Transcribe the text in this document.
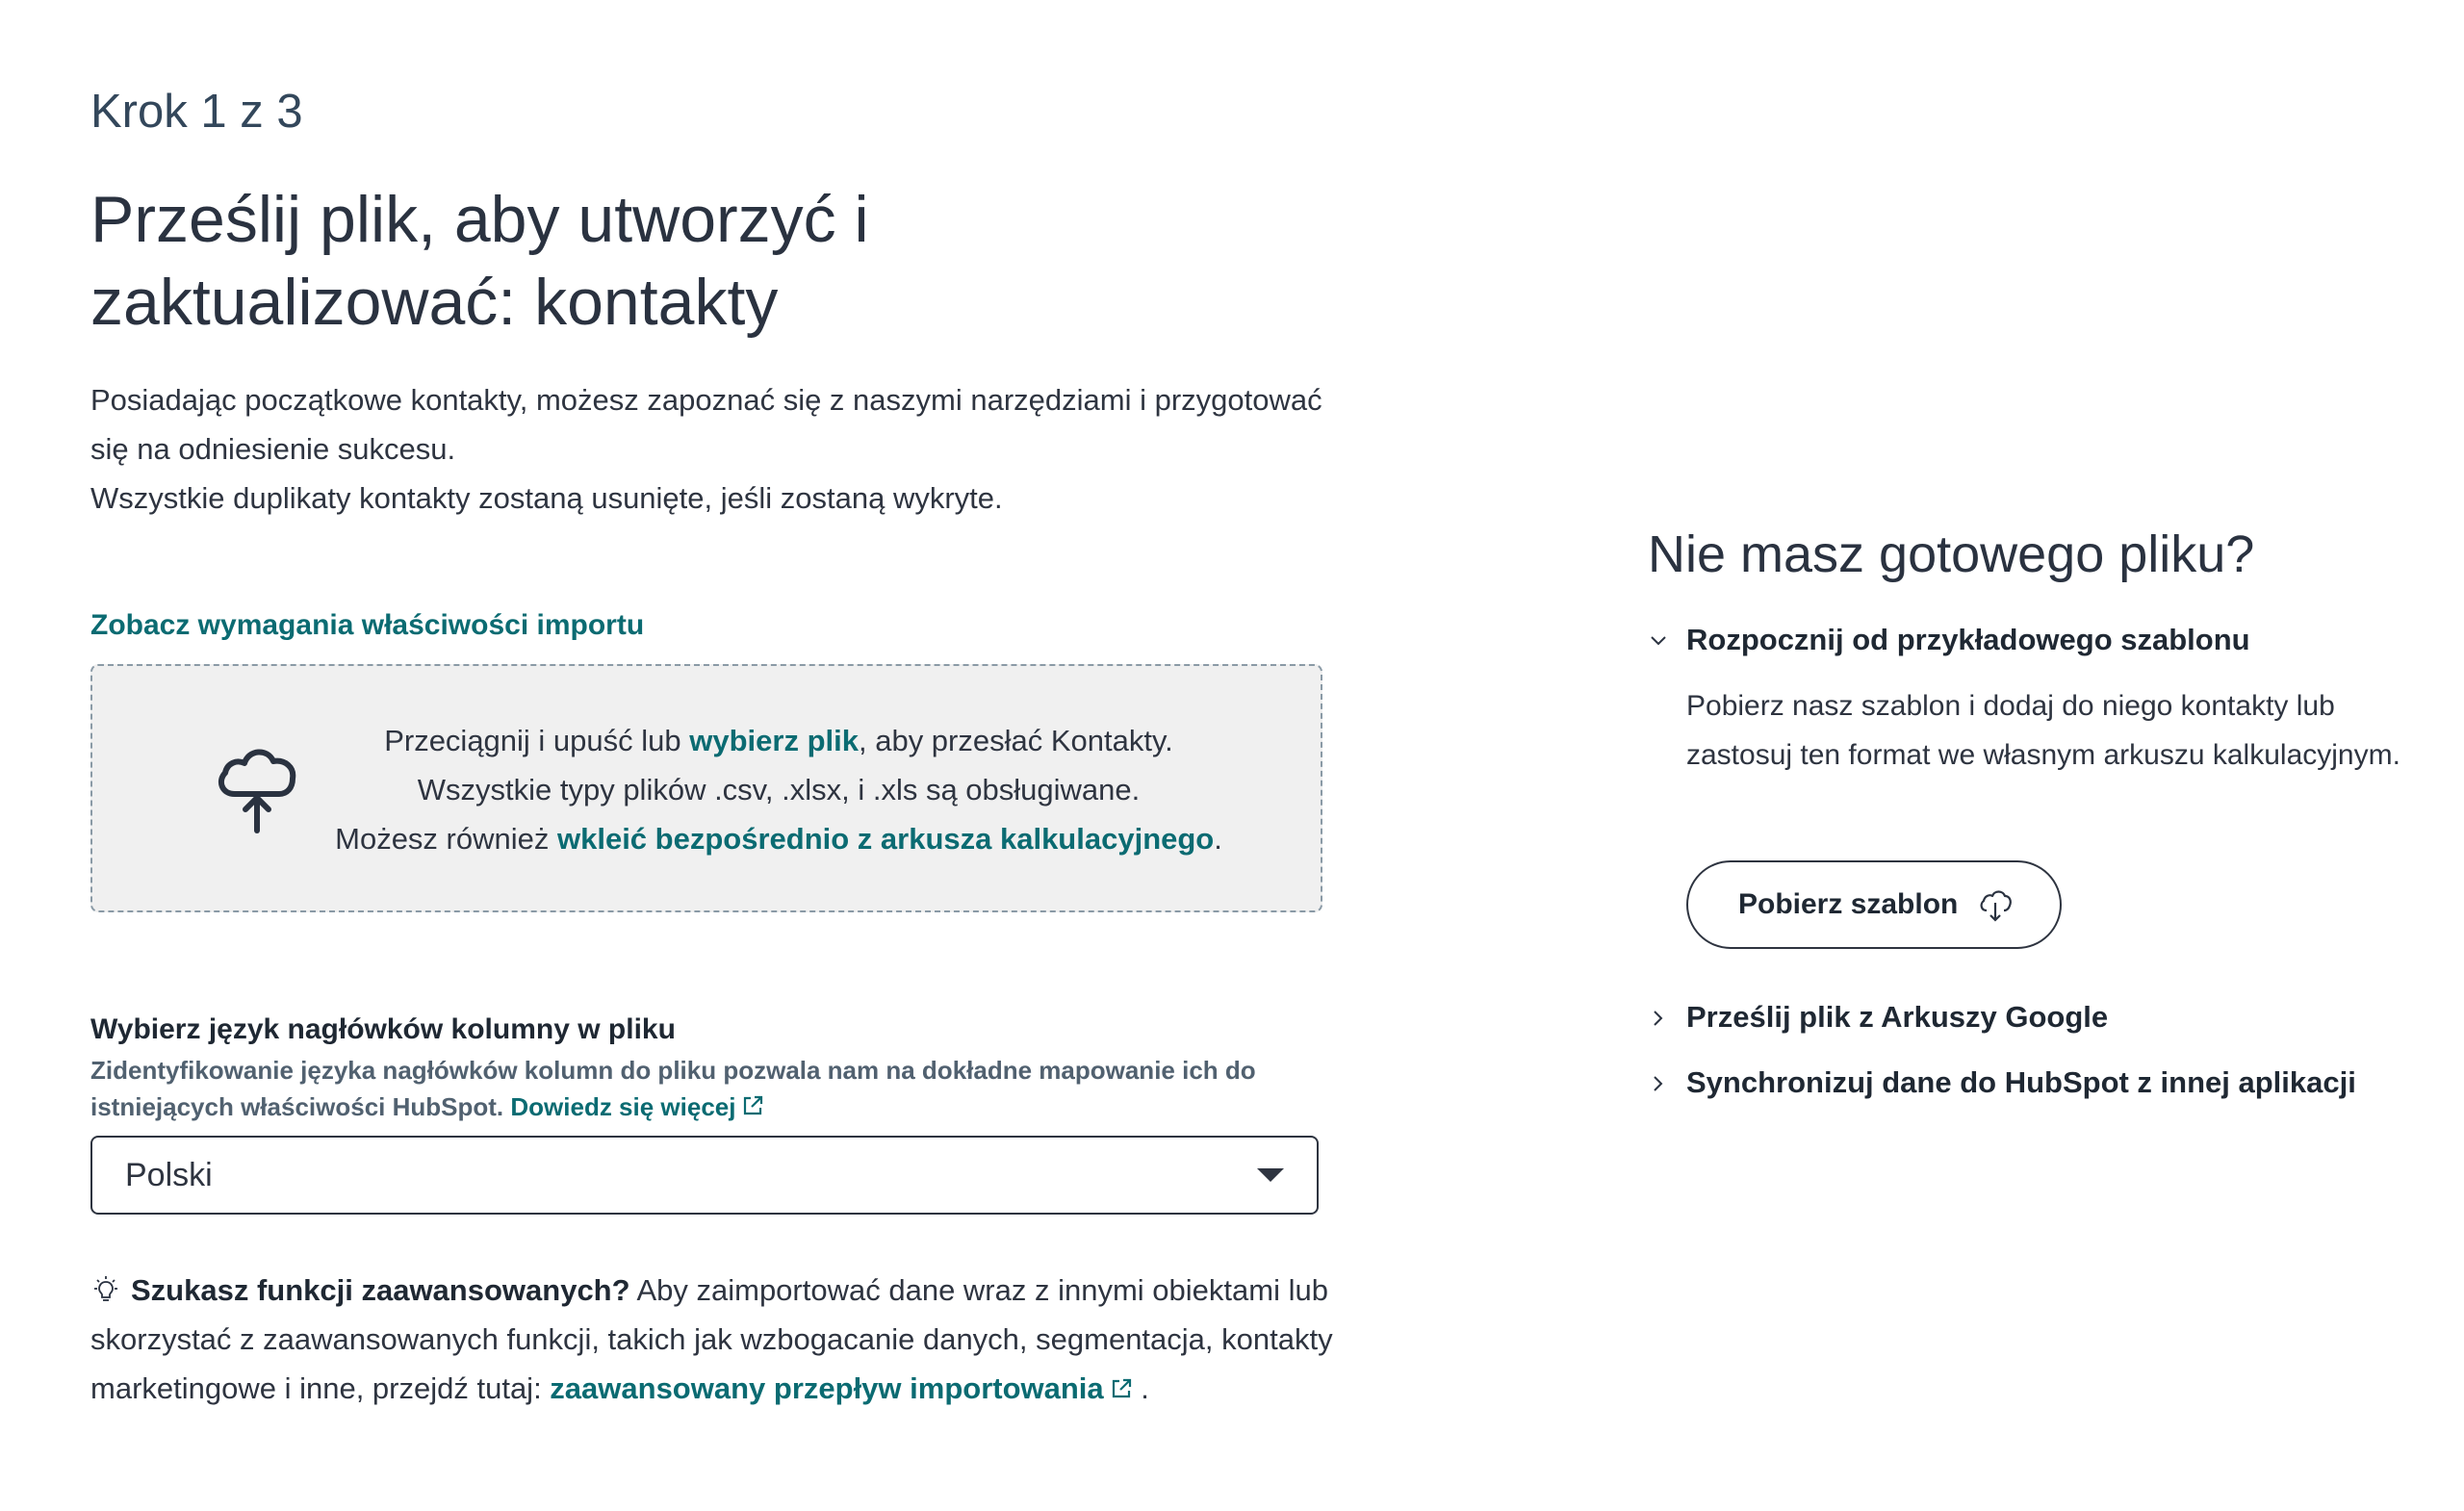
Krok 1 z 3
Prześlij plik, aby utworzyć i zaktualizować: kontakty

Posiadając początkowe kontakty, możesz zapoznać się z naszymi narzędziami i przygotować się na odniesienie sukcesu.

Wszystkie duplikaty kontakty zostaną usunięte, jeśli zostaną wykryte.

Zobacz wymagania właściwości importu
Przeciągnij i upuść lub wybierz plik, aby przesłać Kontakty.
Wszystkie typy plików .csv, .xlsx, i .xls są obsługiwane.
Możesz również wkleić bezpośrednio z arkusza kalkulacyjnego.
Wybierz język nagłówków kolumny w pliku
Zidentyfikowanie języka nagłówków kolumn do pliku pozwala nam na dokładne mapowanie ich do istniejących właściwości HubSpot. Dowiedz się więcej
Polski
Szukasz funkcji zaawansowanych? Aby zaimportować dane wraz z innymi obiektami lub skorzystać z zaawansowanych funkcji, takich jak wzbogacanie danych, segmentacja, kontakty marketingowe i inne, przejdź tutaj: zaawansowany przepływ importowania .
Nie masz gotowego pliku?
Rozpocznij od przykładowego szablonu
Pobierz nasz szablon i dodaj do niego kontakty lub zastosuj ten format we własnym arkuszu kalkulacyjnym.
Pobierz szablon
Prześlij plik z Arkuszy Google
Synchronizuj dane do HubSpot z innej aplikacji
